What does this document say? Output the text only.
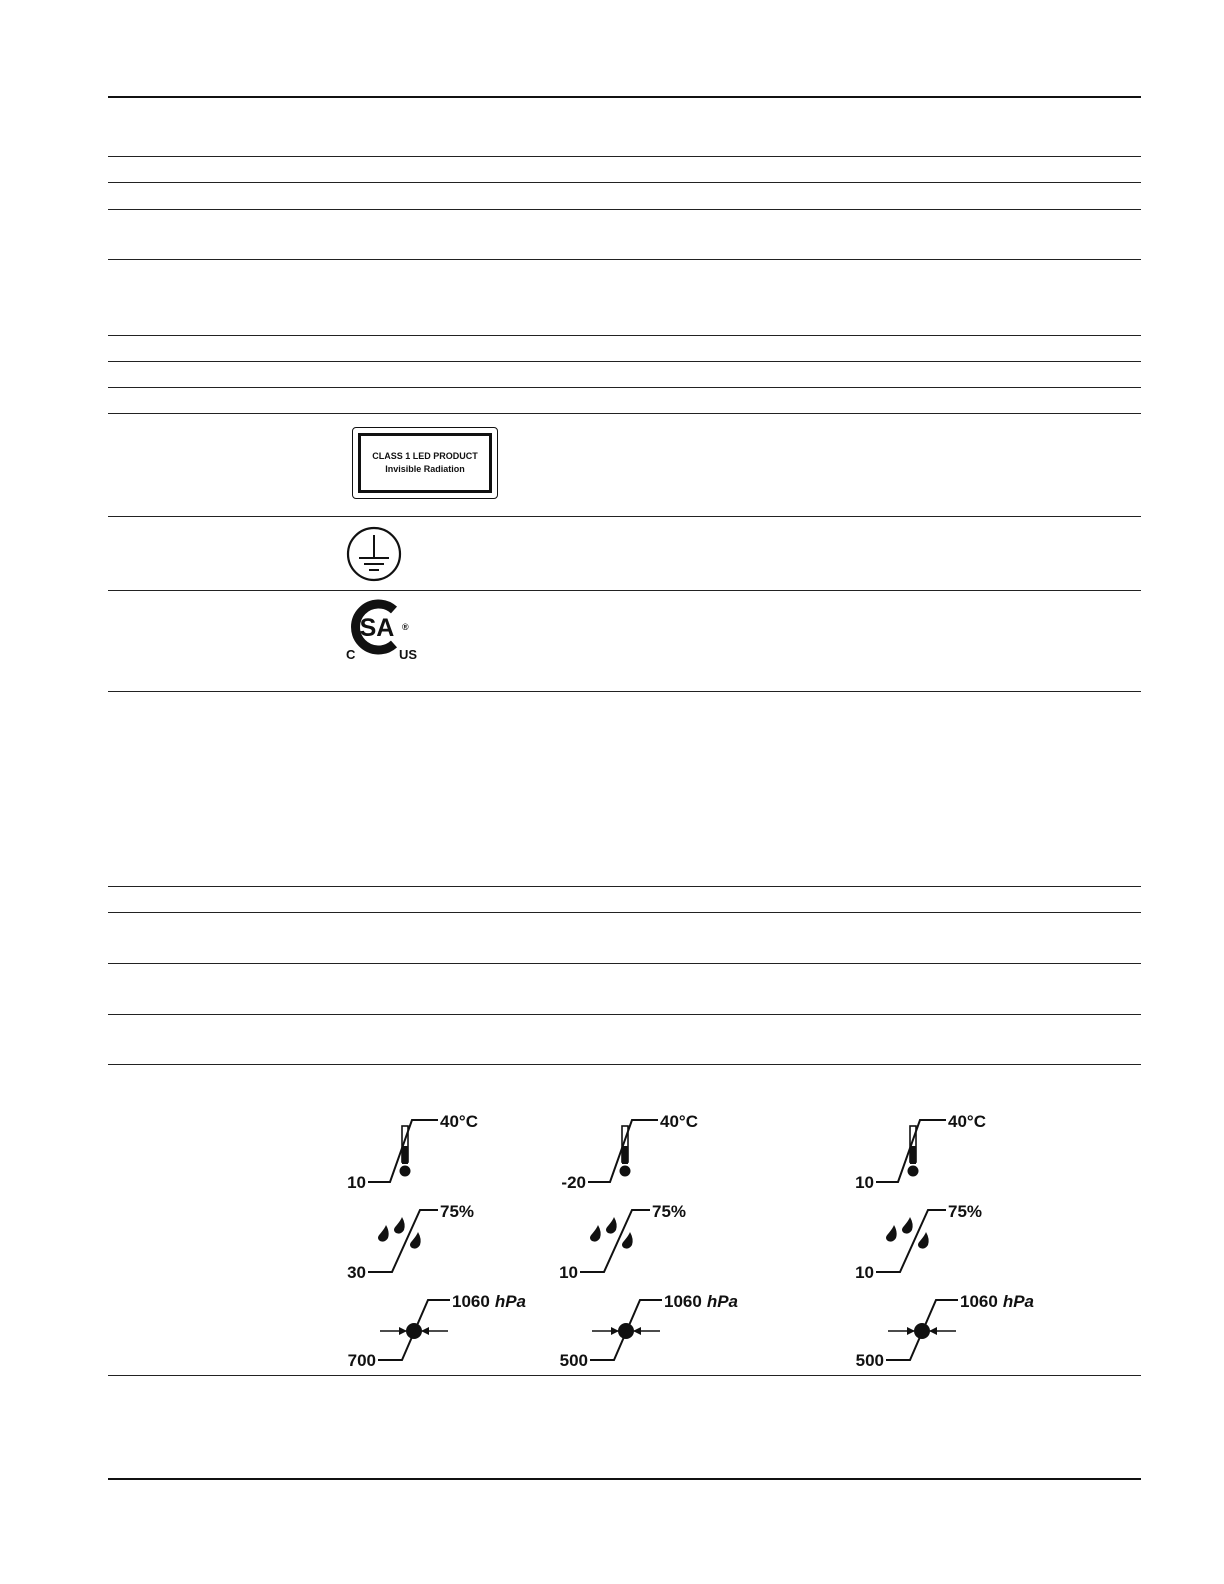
CLASS 1 LED PRODUCT
Invisible Radiation
SA ®
C	US
10
40°C
30
75%
700
1060 hPa
-20
40°C
10
75%
500
1060 hPa
10
40°C
10
75%
500
1060 hPa
